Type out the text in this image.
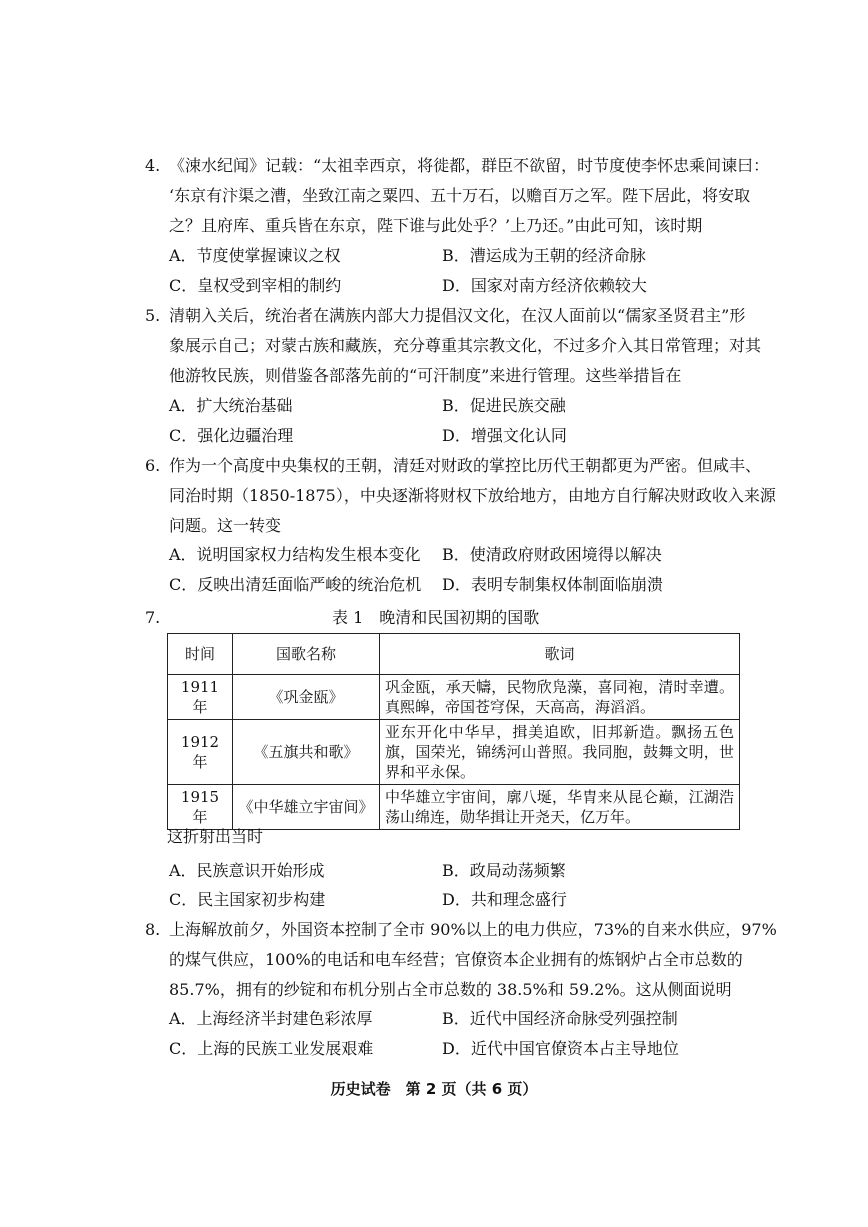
4. 《涑水纪闻》记载：“太祖幸西京，将徙都，群臣不欲留，时节度使李怀忠乘间谏曰：
‘东京有汴渠之漕，坐致江南之粟四、五十万石，以赡百万之军。陛下居此，将安取
之？且府库、重兵皆在东京，陛下谁与此处乎？’上乃还。”由此可知，该时期
A．节度使掌握谏议之权	B．漕运成为王朝的经济命脉
C．皇权受到宰相的制约	D．国家对南方经济依赖较大
5. 清朝入关后，统治者在满族内部大力提倡汉文化，在汉人面前以“儒家圣贤君主”形
象展示自己；对蒙古族和藏族，充分尊重其宗教文化，不过多介入其日常管理；对其
他游牧民族，则借鉴各部落先前的“可汗制度”来进行管理。这些举措旨在
A．扩大统治基础	B．促进民族交融
C．强化边疆治理	D．增强文化认同
6. 作为一个高度中央集权的王朝，清廷对财政的掌控比历代王朝都更为严密。但咸丰、
同治时期（1850-1875），中央逐渐将财权下放给地方，由地方自行解决财政收入来源
问题。这一转变
A．说明国家权力结构发生根本变化 B．使清政府财政困境得以解决
C．反映出清廷面临严峻的统治危机 D．表明专制集权体制面临崩溃
7.	表 1　晚清和民国初期的国歌
时间	国歌名称	歌词
1911 年	《巩金瓯》	巩金瓯，承天幬，民物欣凫藻，喜同袍，清时幸遭。真熙皞，帝国苍穹保，天高高，海滔滔。
1912 年	《五旗共和歌》	亚东开化中华早，揖美追欧，旧邦新造。飘扬五色旗，国荣光，锦绣河山普照。我同胞，鼓舞文明，世界和平永保。
1915 年	《中华雄立宇宙间》	中华雄立宇宙间，廓八埏，华胄来从昆仑巅，江湖浩荡山绵连，勋华揖让开尧天，亿万年。
这折射出当时
A．民族意识开始形成	B．政局动荡频繁
C．民主国家初步构建	D．共和理念盛行
8. 上海解放前夕，外国资本控制了全市 90%以上的电力供应，73%的自来水供应，97%
的煤气供应，100%的电话和电车经营；官僚资本企业拥有的炼钢炉占全市总数的
85.7%，拥有的纱锭和布机分别占全市总数的 38.5%和 59.2%。这从侧面说明
A．上海经济半封建色彩浓厚	B．近代中国经济命脉受列强控制
C．上海的民族工业发展艰难	D．近代中国官僚资本占主导地位
历史试卷　第 2 页（共 6 页）
